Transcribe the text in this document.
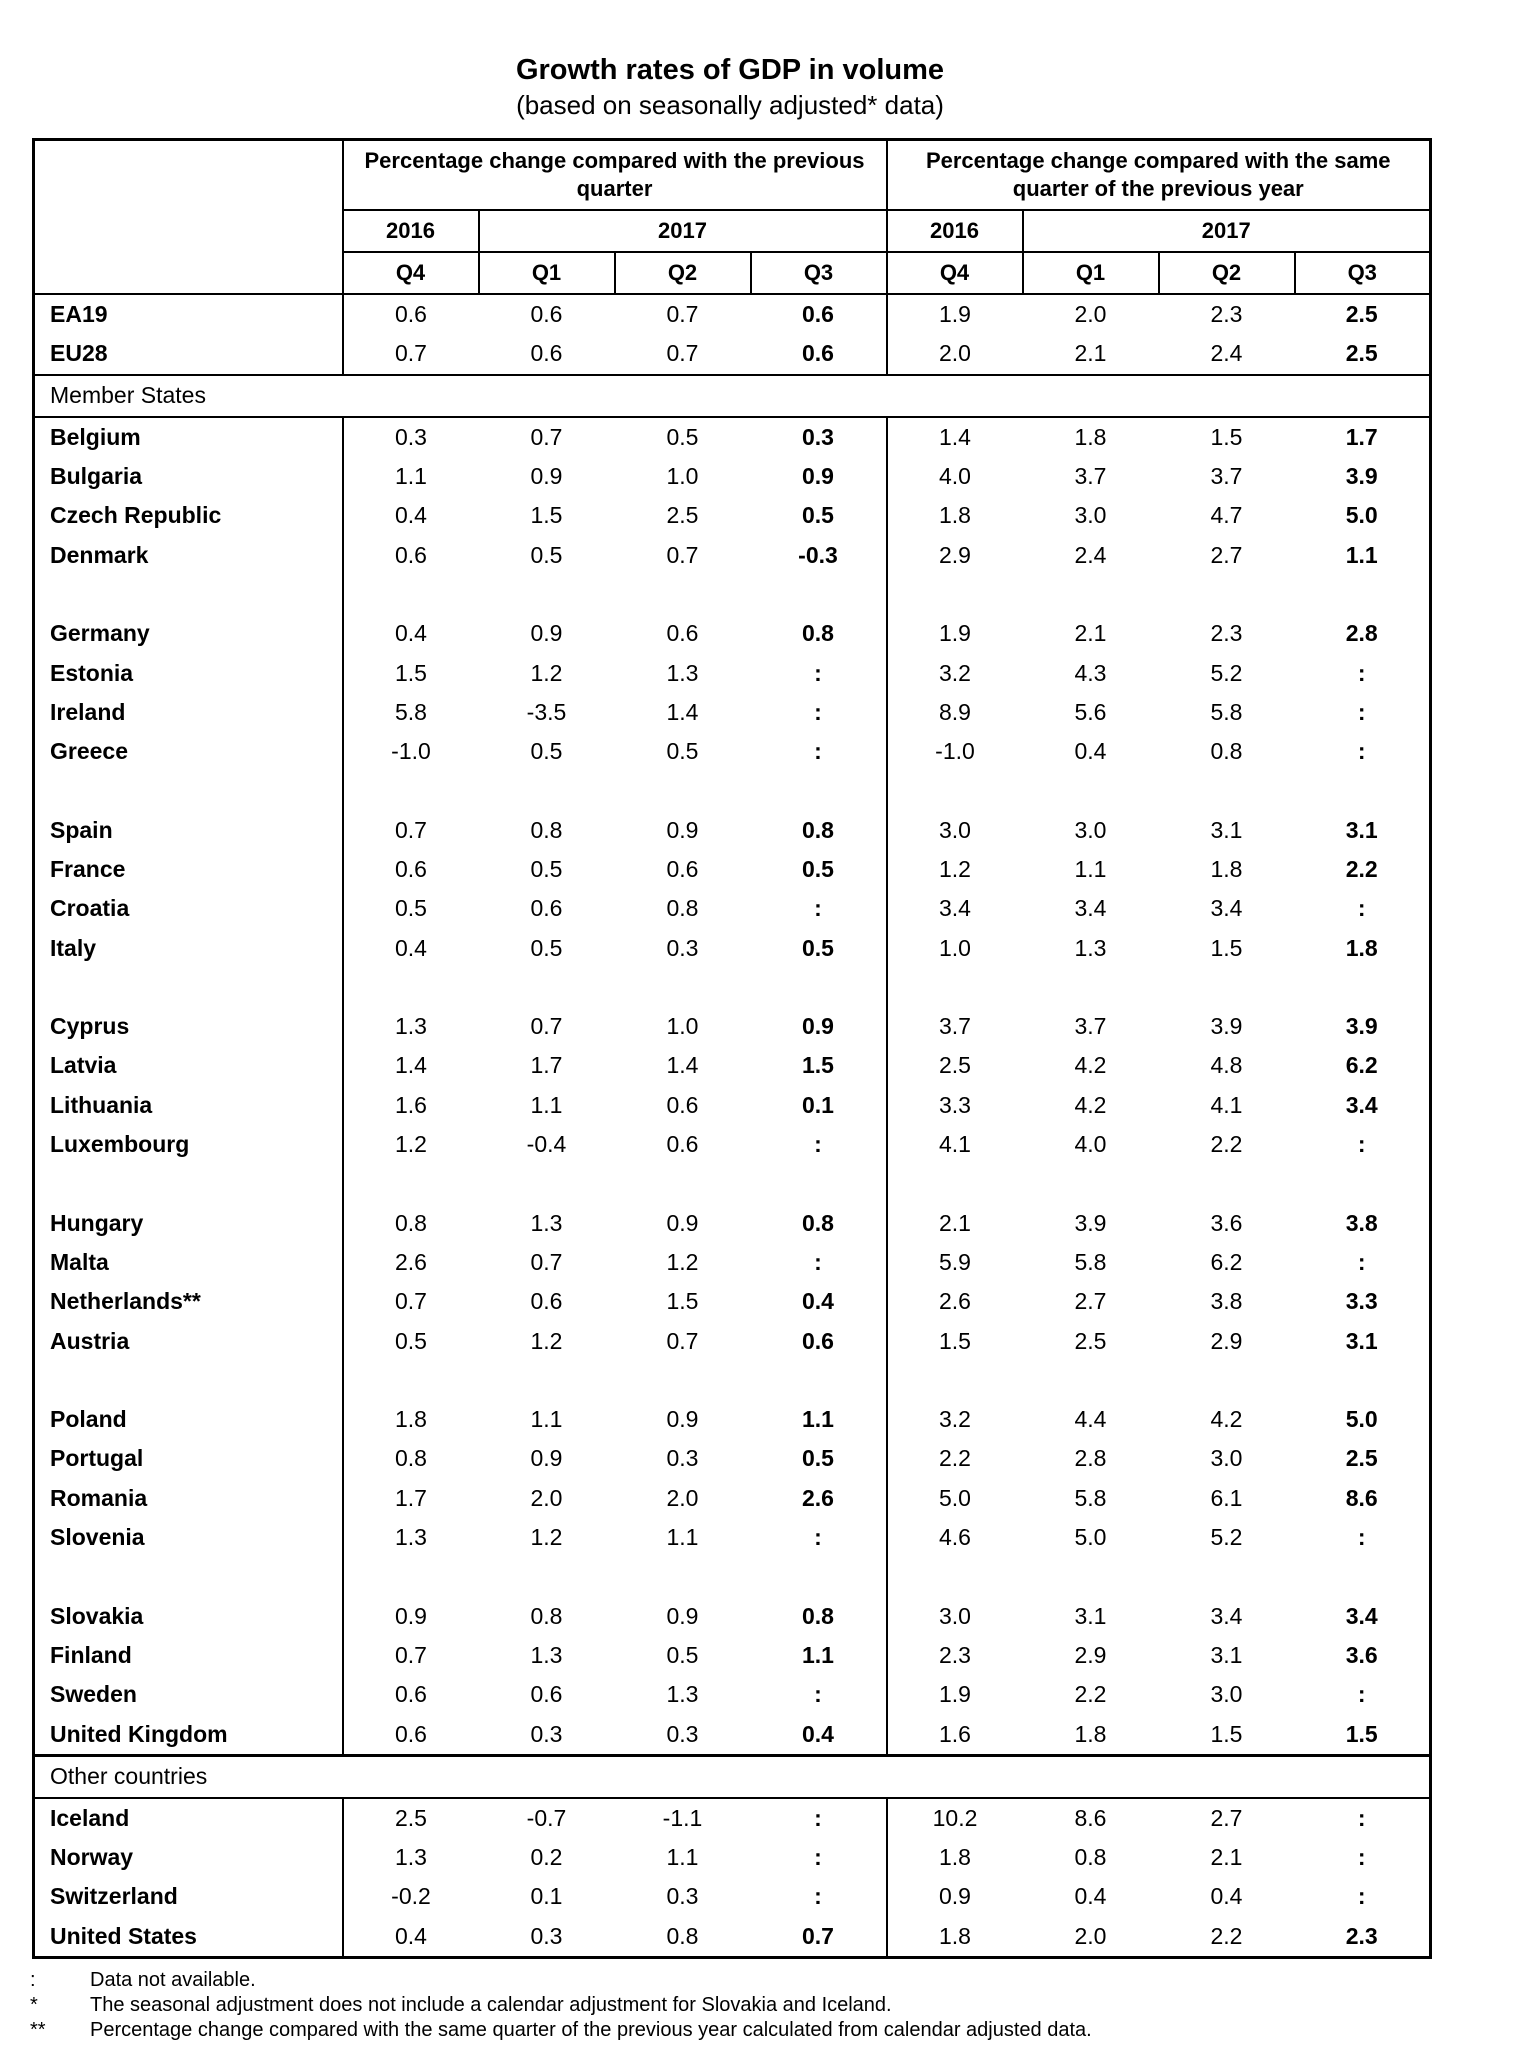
Growth rates of GDP in volume
(based on seasonally adjusted* data)
	Percentage change compared with the previous quarter				Percentage change compared with the same quarter of the previous year			
	2016	2017			2016	2017		
	Q4	Q1	Q2	Q3	Q4	Q1	Q2	Q3
EA19	0.6	0.6	0.7	0.6	1.9	2.0	2.3	2.5
EU28	0.7	0.6	0.7	0.6	2.0	2.1	2.4	2.5
Member States								
Belgium	0.3	0.7	0.5	0.3	1.4	1.8	1.5	1.7
Bulgaria	1.1	0.9	1.0	0.9	4.0	3.7	3.7	3.9
Czech Republic	0.4	1.5	2.5	0.5	1.8	3.0	4.7	5.0
Denmark	0.6	0.5	0.7	-0.3	2.9	2.4	2.7	1.1

Germany	0.4	0.9	0.6	0.8	1.9	2.1	2.3	2.8
Estonia	1.5	1.2	1.3	:	3.2	4.3	5.2	:
Ireland	5.8	-3.5	1.4	:	8.9	5.6	5.8	:
Greece	-1.0	0.5	0.5	:	-1.0	0.4	0.8	:

Spain	0.7	0.8	0.9	0.8	3.0	3.0	3.1	3.1
France	0.6	0.5	0.6	0.5	1.2	1.1	1.8	2.2
Croatia	0.5	0.6	0.8	:	3.4	3.4	3.4	:
Italy	0.4	0.5	0.3	0.5	1.0	1.3	1.5	1.8

Cyprus	1.3	0.7	1.0	0.9	3.7	3.7	3.9	3.9
Latvia	1.4	1.7	1.4	1.5	2.5	4.2	4.8	6.2
Lithuania	1.6	1.1	0.6	0.1	3.3	4.2	4.1	3.4
Luxembourg	1.2	-0.4	0.6	:	4.1	4.0	2.2	:

Hungary	0.8	1.3	0.9	0.8	2.1	3.9	3.6	3.8
Malta	2.6	0.7	1.2	:	5.9	5.8	6.2	:
Netherlands**	0.7	0.6	1.5	0.4	2.6	2.7	3.8	3.3
Austria	0.5	1.2	0.7	0.6	1.5	2.5	2.9	3.1

Poland	1.8	1.1	0.9	1.1	3.2	4.4	4.2	5.0
Portugal	0.8	0.9	0.3	0.5	2.2	2.8	3.0	2.5
Romania	1.7	2.0	2.0	2.6	5.0	5.8	6.1	8.6
Slovenia	1.3	1.2	1.1	:	4.6	5.0	5.2	:

Slovakia	0.9	0.8	0.9	0.8	3.0	3.1	3.4	3.4
Finland	0.7	1.3	0.5	1.1	2.3	2.9	3.1	3.6
Sweden	0.6	0.6	1.3	:	1.9	2.2	3.0	:
United Kingdom	0.6	0.3	0.3	0.4	1.6	1.8	1.5	1.5
Other countries								
Iceland	2.5	-0.7	-1.1	:	10.2	8.6	2.7	:
Norway	1.3	0.2	1.1	:	1.8	0.8	2.1	:
Switzerland	-0.2	0.1	0.3	:	0.9	0.4	0.4	:
United States	0.4	0.3	0.8	0.7	1.8	2.0	2.2	2.3
:	Data not available.
*	The seasonal adjustment does not include a calendar adjustment for Slovakia and Iceland.
**	Percentage change compared with the same quarter of the previous year calculated from calendar adjusted data.
